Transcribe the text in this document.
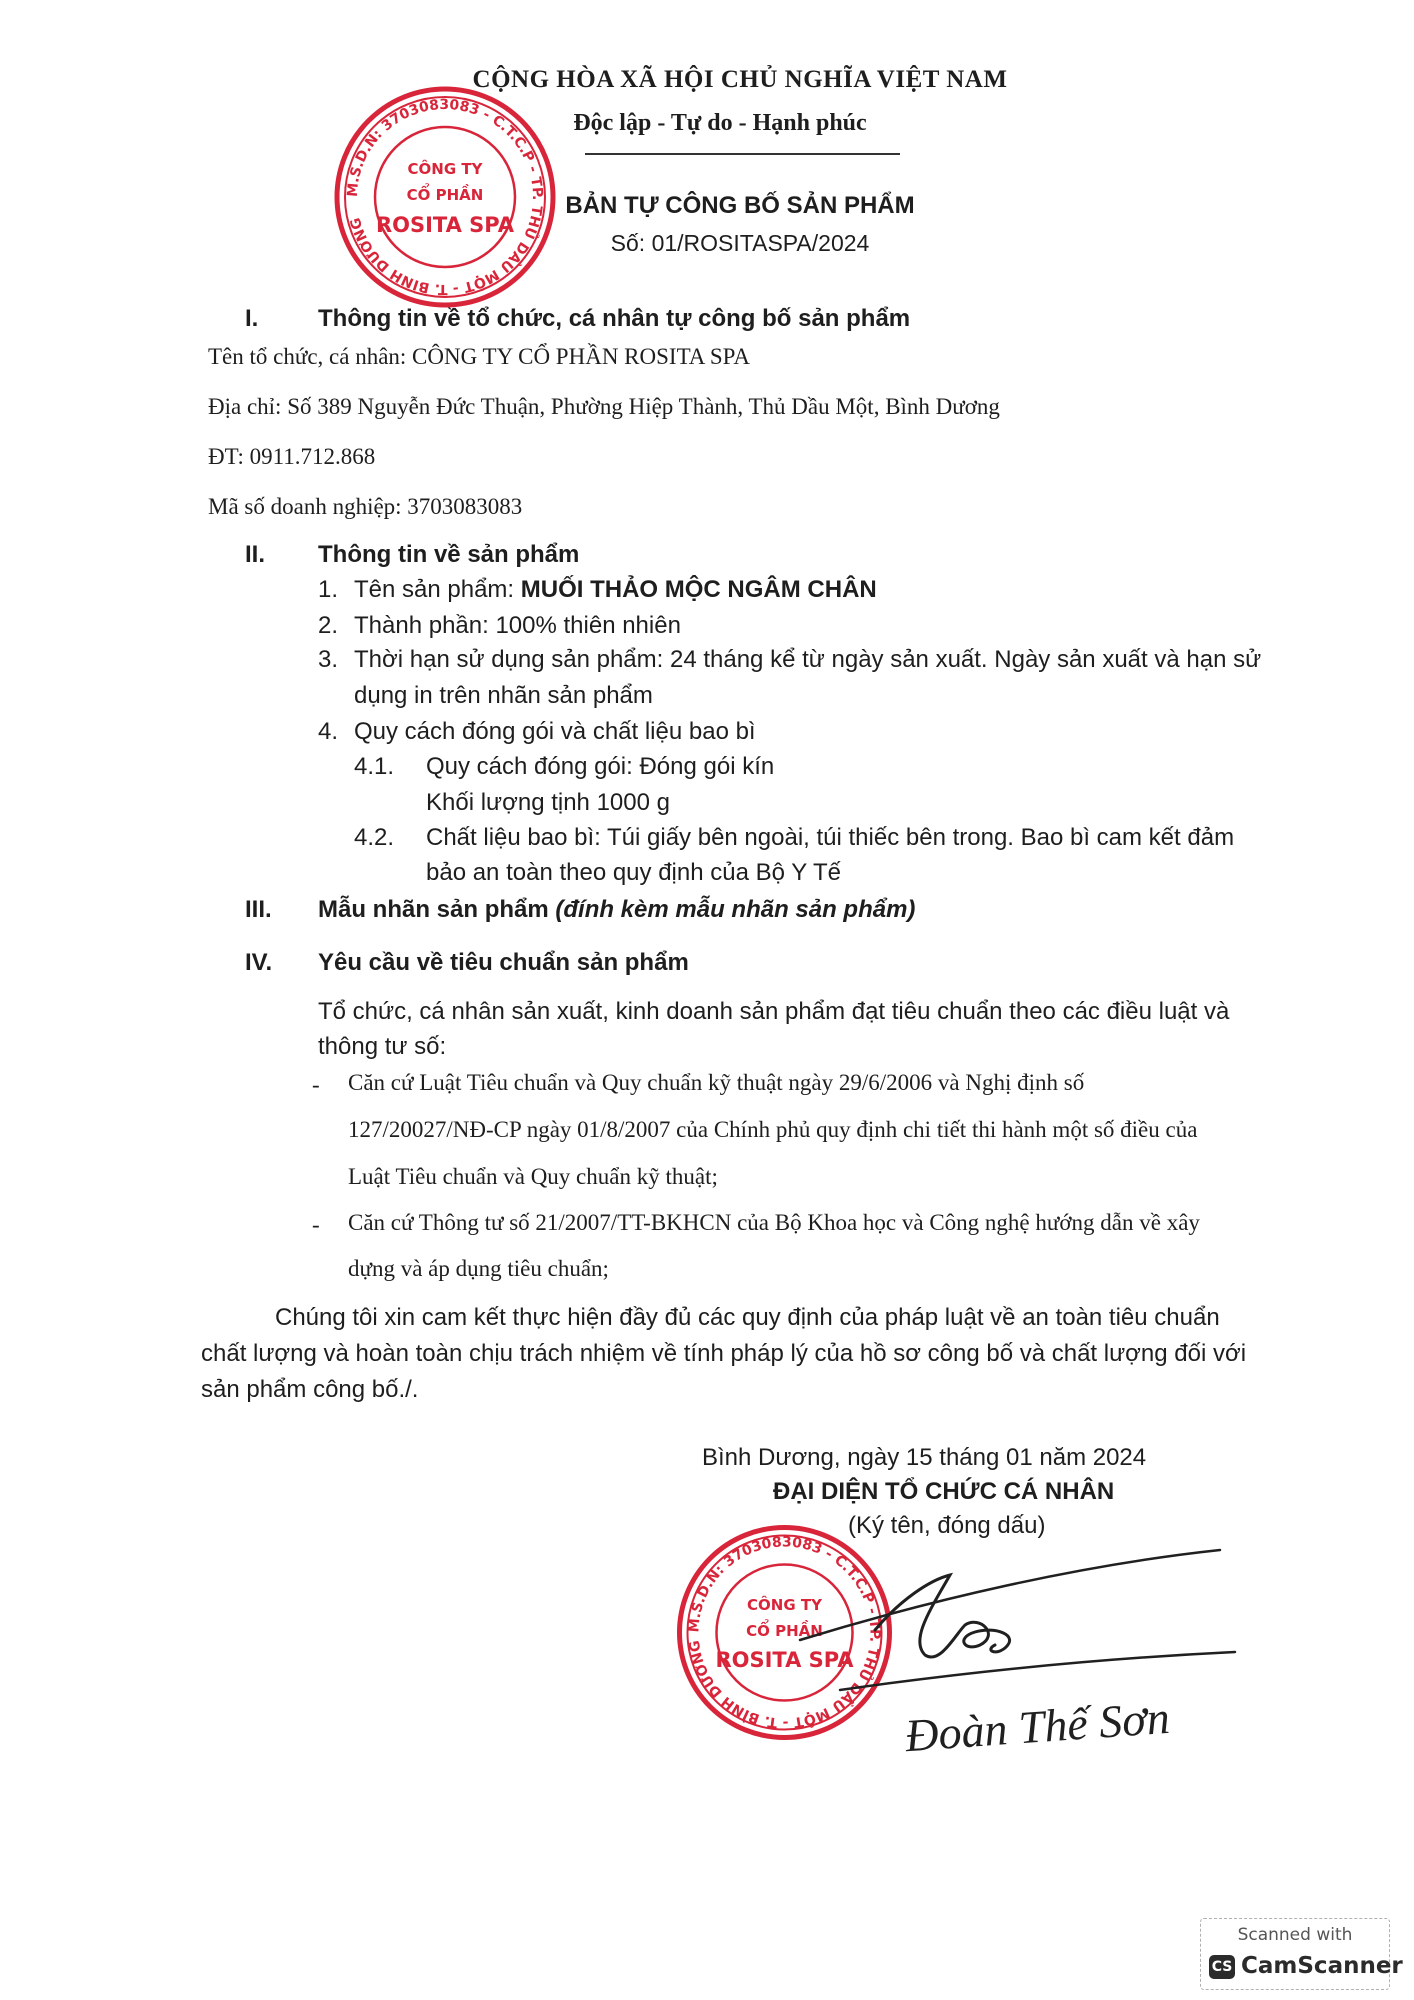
CỘNG HÒA XÃ HỘI CHỦ NGHĨA VIỆT NAM
Độc lập - Tự do - Hạnh phúc
BẢN TỰ CÔNG BỐ SẢN PHẨM
Số: 01/ROSITASPA/2024
M.S.D.N: 3703083083 - C.T.C.P - TP. THỦ DẦU MỘT - T. BÌNH DƯƠNG
CÔNG TY
CỔ PHẦN
ROSITA SPA
I. Thông tin về tổ chức, cá nhân tự công bố sản phẩm
Tên tổ chức, cá nhân: CÔNG TY CỔ PHẦN ROSITA SPA
Địa chỉ: Số 389 Nguyễn Đức Thuận, Phường Hiệp Thành, Thủ Dầu Một, Bình Dương
ĐT: 0911.712.868
Mã số doanh nghiệp: 3703083083
II. Thông tin về sản phẩm
1. Tên sản phẩm: MUỐI THẢO MỘC NGÂM CHÂN
2. Thành phần: 100% thiên nhiên
3. Thời hạn sử dụng sản phẩm: 24 tháng kể từ ngày sản xuất. Ngày sản xuất và hạn sử
dụng in trên nhãn sản phẩm
4. Quy cách đóng gói và chất liệu bao bì
4.1. Quy cách đóng gói: Đóng gói kín
Khối lượng tịnh 1000 g
4.2. Chất liệu bao bì: Túi giấy bên ngoài, túi thiếc bên trong. Bao bì cam kết đảm
bảo an toàn theo quy định của Bộ Y Tế
III. Mẫu nhãn sản phẩm (đính kèm mẫu nhãn sản phẩm)
IV. Yêu cầu về tiêu chuẩn sản phẩm
Tổ chức, cá nhân sản xuất, kinh doanh sản phẩm đạt tiêu chuẩn theo các điều luật và
thông tư số:
- Căn cứ Luật Tiêu chuẩn và Quy chuẩn kỹ thuật ngày 29/6/2006 và Nghị định số
127/20027/NĐ-CP ngày 01/8/2007 của Chính phủ quy định chi tiết thi hành một số điều của
Luật Tiêu chuẩn và Quy chuẩn kỹ thuật;
- Căn cứ Thông tư số 21/2007/TT-BKHCN của Bộ Khoa học và Công nghệ hướng dẫn về xây
dựng và áp dụng tiêu chuẩn;
Chúng tôi xin cam kết thực hiện đầy đủ các quy định của pháp luật về an toàn tiêu chuẩn
chất lượng và hoàn toàn chịu trách nhiệm về tính pháp lý của hồ sơ công bố và chất lượng đối với
sản phẩm công bố./.
Bình Dương, ngày 15 tháng 01 năm 2024
ĐẠI DIỆN TỔ CHỨC CÁ NHÂN
(Ký tên, đóng dấu)
M.S.D.N: 3703083083 - C.T.C.P - TP. THỦ DẦU MỘT - T. BÌNH DƯƠNG
CÔNG TY
CỔ PHẦN
ROSITA SPA
Đoàn Thế Sơn
Scanned with
CS CamScanner
